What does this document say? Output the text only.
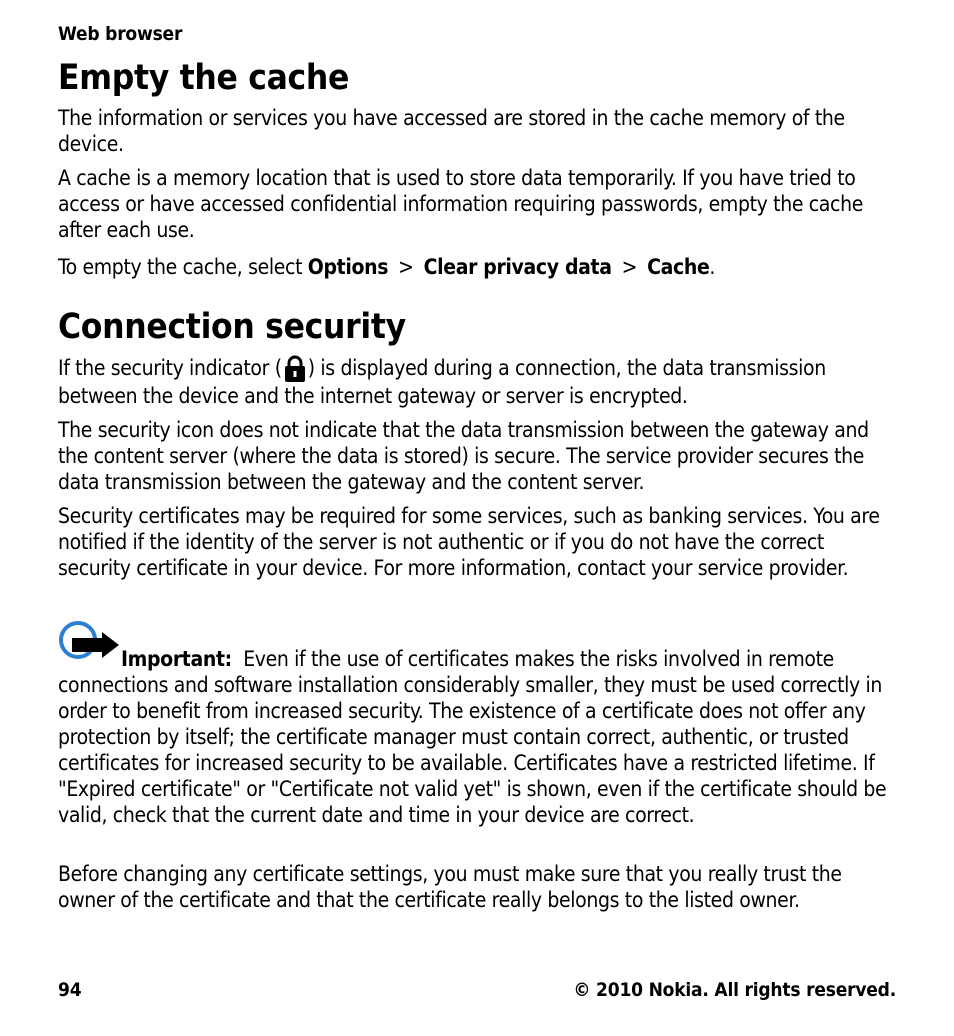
Web browser
Empty the cache

The information or services you have accessed are stored in the cache memory of the device.

A cache is a memory location that is used to store data temporarily. If you have tried to access or have accessed confidential information requiring passwords, empty the cache after each use.

To empty the cache, select Options > Clear privacy data > Cache.

Connection security

If the security indicator ( ) is displayed during a connection, the data transmission between the device and the internet gateway or server is encrypted.

The security icon does not indicate that the data transmission between the gateway and the content server (where the data is stored) is secure. The service provider secures the data transmission between the gateway and the content server.

Security certificates may be required for some services, such as banking services. You are notified if the identity of the server is not authentic or if you do not have the correct security certificate in your device. For more information, contact your service provider.

Important: Even if the use of certificates makes the risks involved in remote connections and software installation considerably smaller, they must be used correctly in order to benefit from increased security. The existence of a certificate does not offer any protection by itself; the certificate manager must contain correct, authentic, or trusted certificates for increased security to be available. Certificates have a restricted lifetime. If "Expired certificate" or "Certificate not valid yet" is shown, even if the certificate should be valid, check that the current date and time in your device are correct.

Before changing any certificate settings, you must make sure that you really trust the owner of the certificate and that the certificate really belongs to the listed owner.

94	© 2010 Nokia. All rights reserved.
